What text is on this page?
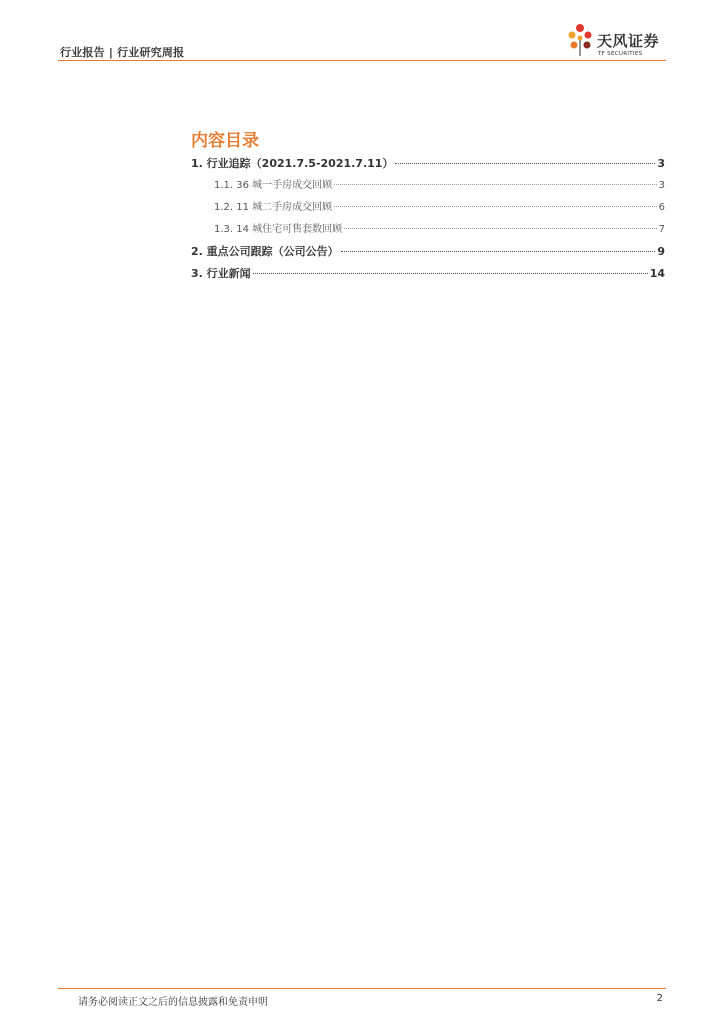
行业报告 | 行业研究周报
天风证券
TF SECURITIES
内容目录
1. 行业追踪（2021.7.5-2021.7.11）	3
1.1. 36 城一手房成交回顾	3
1.2. 11 城二手房成交回顾	6
1.3. 14 城住宅可售套数回顾	7
2. 重点公司跟踪（公司公告）	9
3. 行业新闻	14
请务必阅读正文之后的信息披露和免责申明	2
